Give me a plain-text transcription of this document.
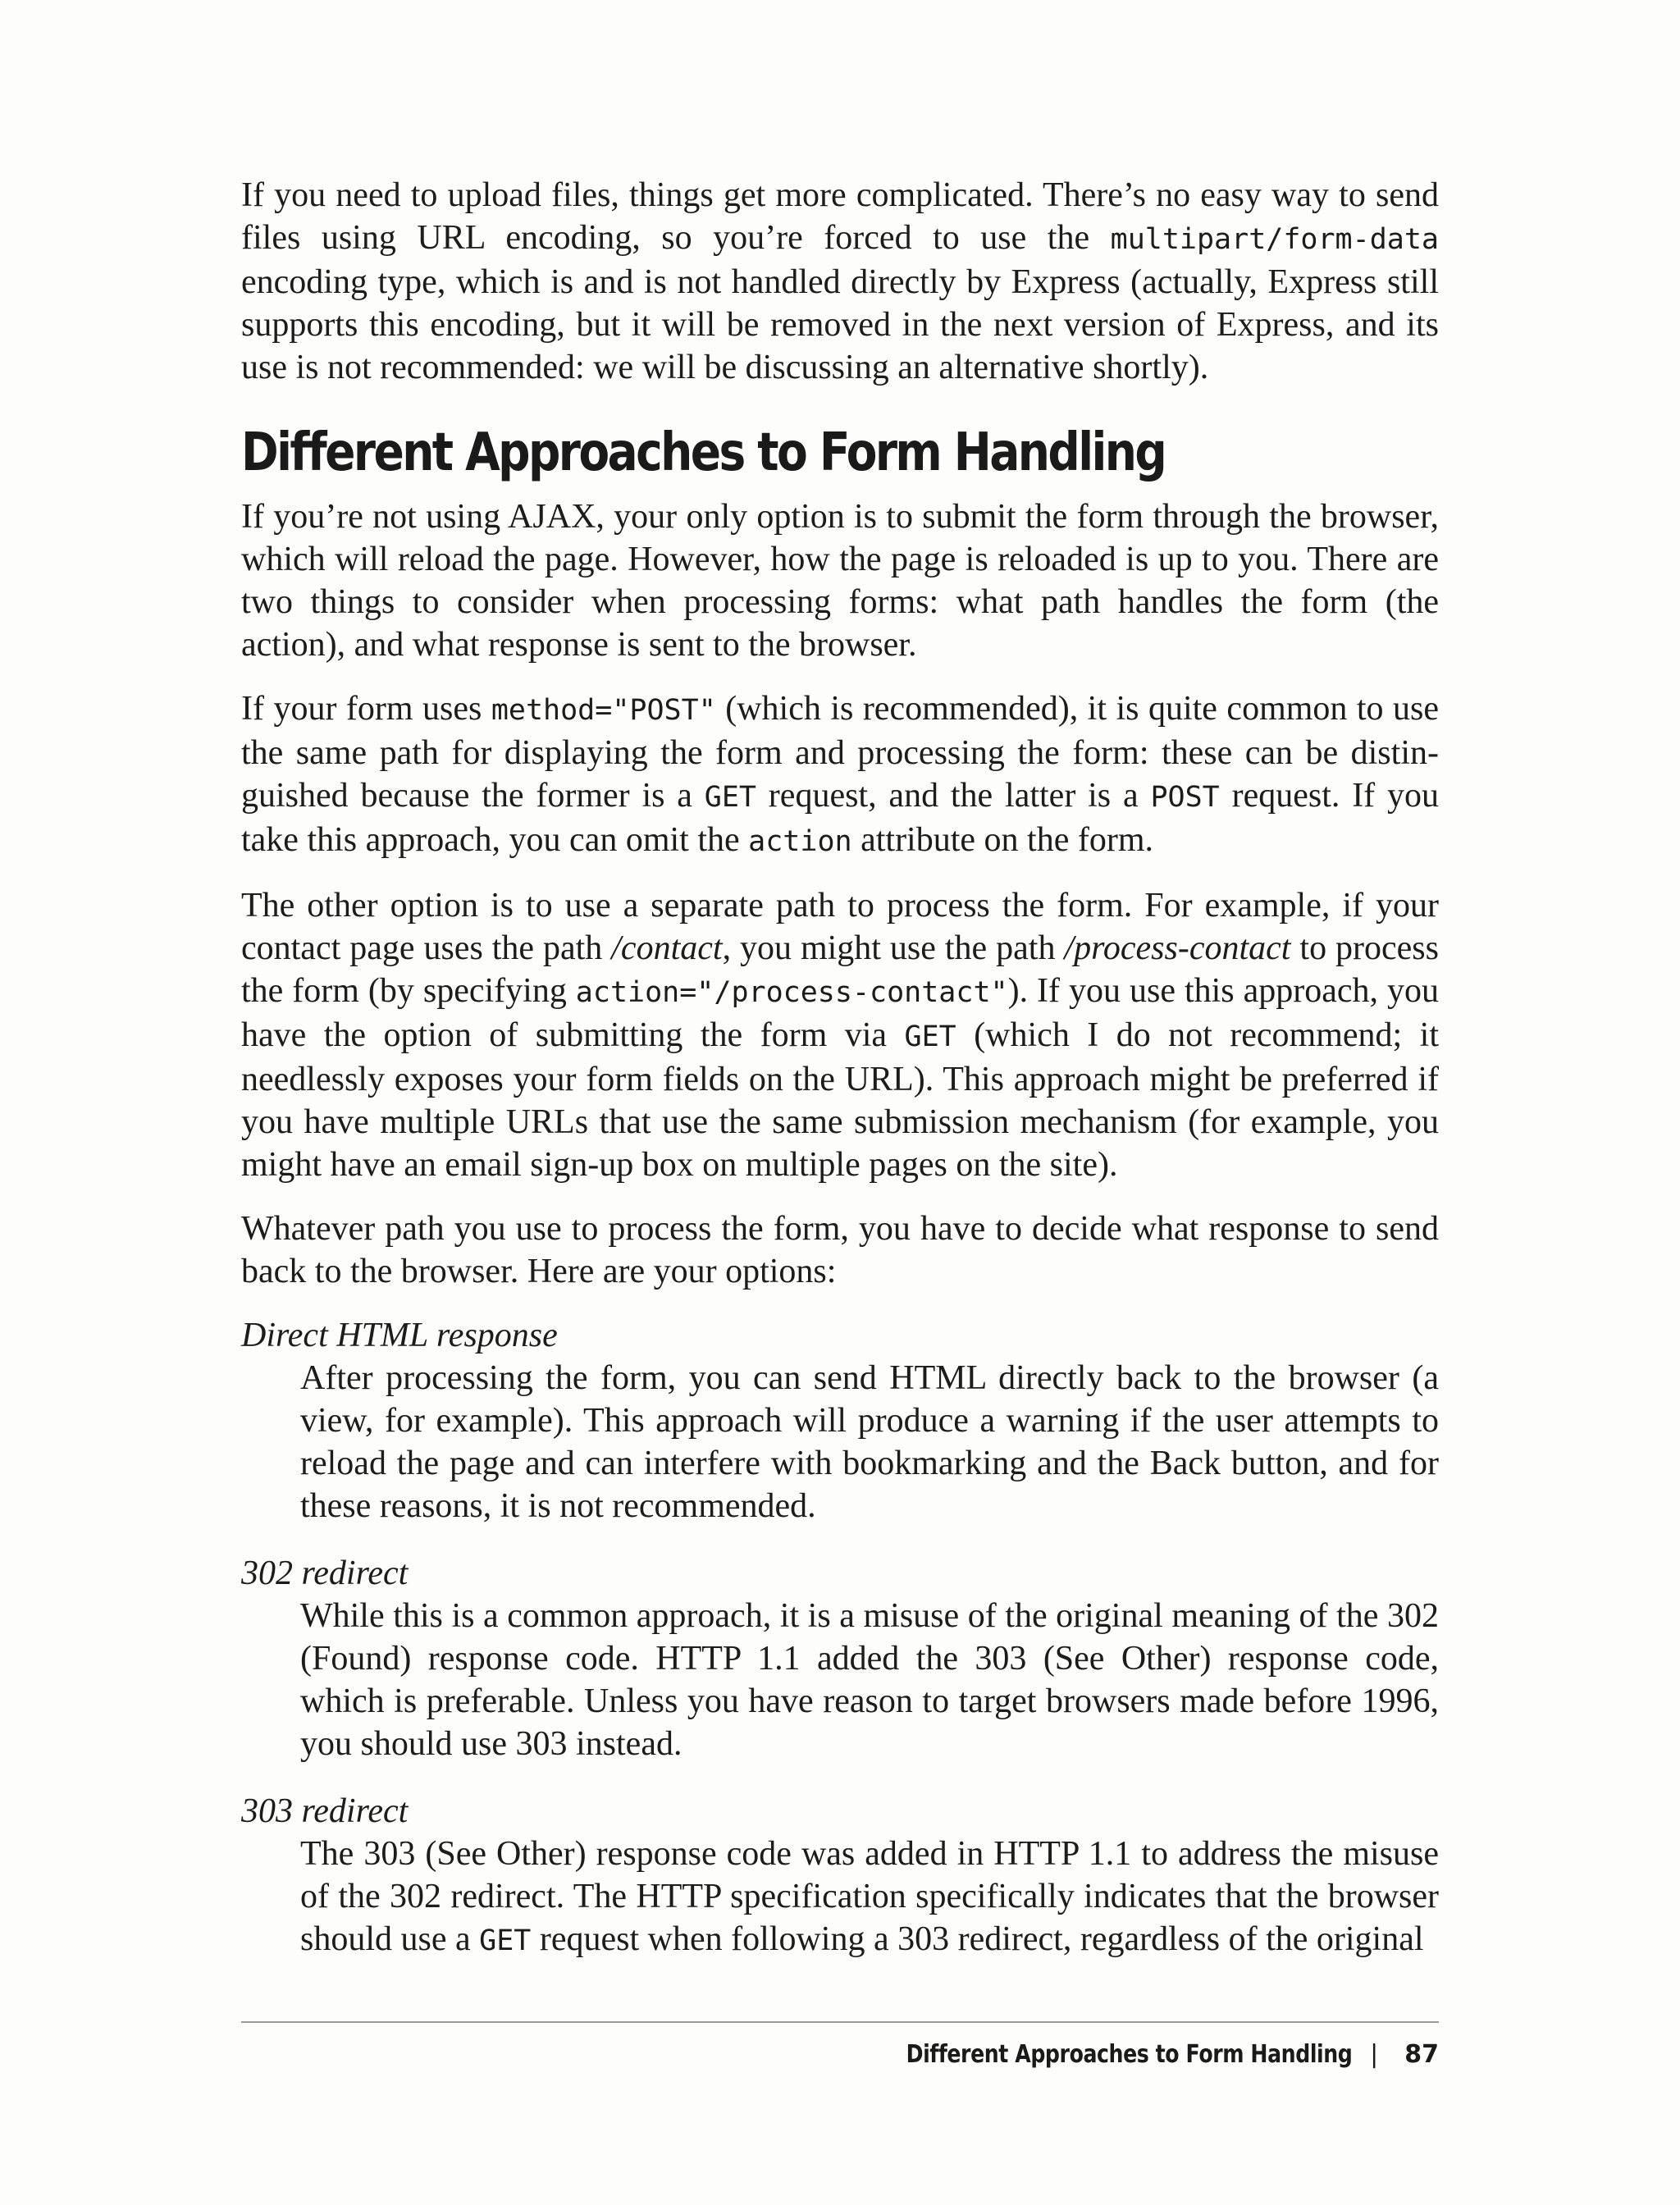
If you need to upload files, things get more complicated. There’s no easy way to send files using URL encoding, so you’re forced to use the multipart/form-data encoding type, which is and is not handled directly by Express (actually, Express still supports this encoding, but it will be removed in the next version of Express, and its use is not recommended: we will be discussing an alternative shortly).

Different Approaches to Form Handling

If you’re not using AJAX, your only option is to submit the form through the browser, which will reload the page. However, how the page is reloaded is up to you. There are two things to consider when processing forms: what path handles the form (the action), and what response is sent to the browser.

If your form uses method="POST" (which is recommended), it is quite common to use the same path for displaying the form and processing the form: these can be distinguished because the former is a GET request, and the latter is a POST request. If you take this approach, you can omit the action attribute on the form.

The other option is to use a separate path to process the form. For example, if your contact page uses the path /contact, you might use the path /process-contact to process the form (by specifying action="/process-contact"). If you use this approach, you have the option of submitting the form via GET (which I do not recommend; it needlessly exposes your form fields on the URL). This approach might be preferred if you have multiple URLs that use the same submission mechanism (for example, you might have an email sign-up box on multiple pages on the site).

Whatever path you use to process the form, you have to decide what response to send back to the browser. Here are your options:

Direct HTML response
After processing the form, you can send HTML directly back to the browser (a view, for example). This approach will produce a warning if the user attempts to reload the page and can interfere with bookmarking and the Back button, and for these reasons, it is not recommended.
302 redirect
While this is a common approach, it is a misuse of the original meaning of the 302 (Found) response code. HTTP 1.1 added the 303 (See Other) response code, which is preferable. Unless you have reason to target browsers made before 1996, you should use 303 instead.
303 redirect
The 303 (See Other) response code was added in HTTP 1.1 to address the misuse of the 302 redirect. The HTTP specification specifically indicates that the browser should use a GET request when following a 303 redirect, regardless of the original
Different Approaches to Form Handling | 87
